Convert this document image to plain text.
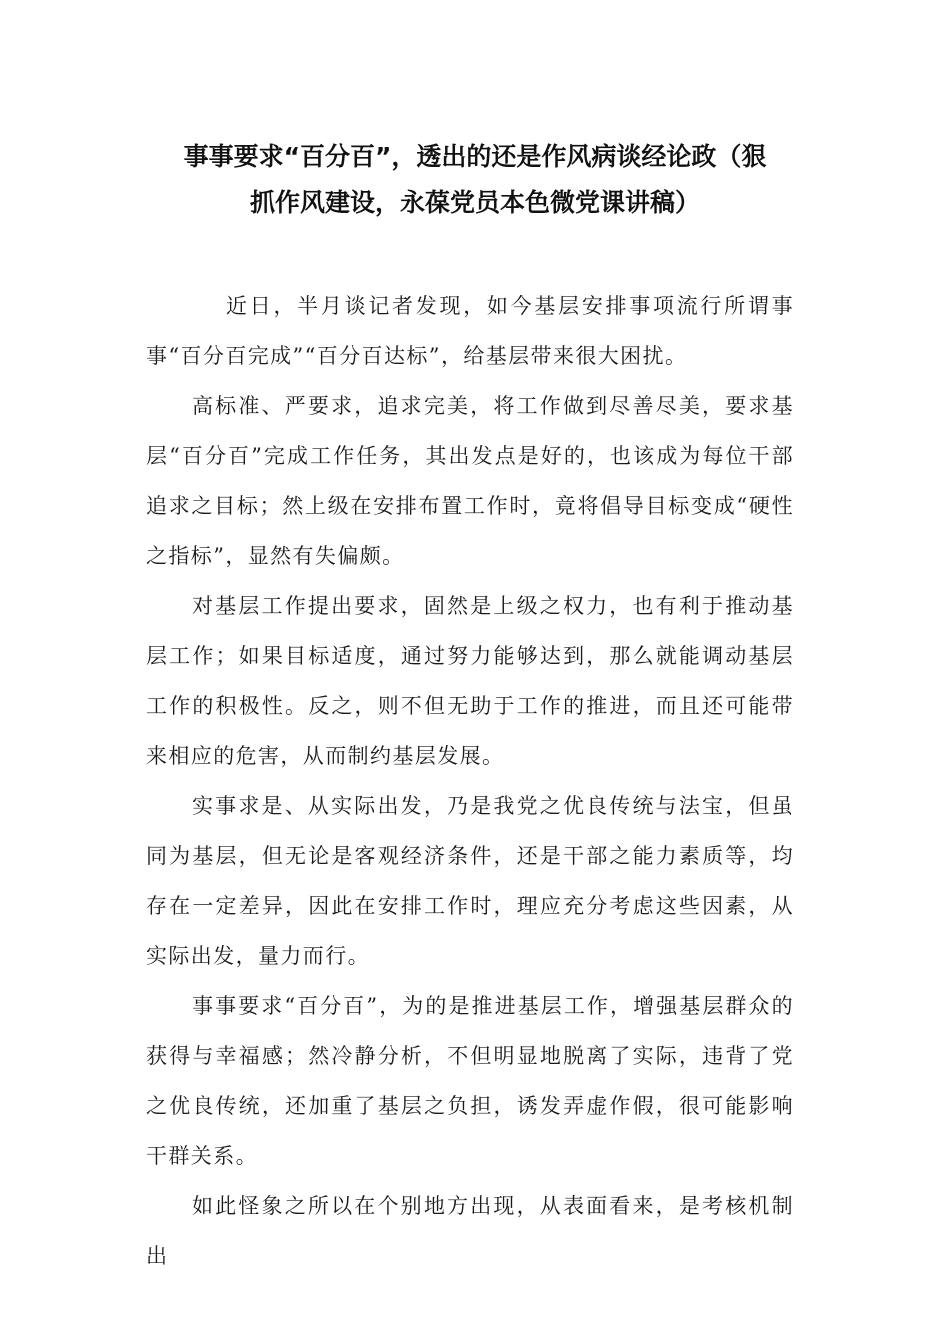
事事要求“百分百”，透出的还是作风病谈经论政（狠
抓作风建设，永葆党员本色微党课讲稿）

近日，半月谈记者发现，如今基层安排事项流行所谓事事“百分百完成”“百分百达标”，给基层带来很大困扰。

高标准、严要求，追求完美，将工作做到尽善尽美，要求基层“百分百”完成工作任务，其出发点是好的，也该成为每位干部追求之目标；然上级在安排布置工作时，竟将倡导目标变成“硬性之指标”，显然有失偏颇。

对基层工作提出要求，固然是上级之权力，也有利于推动基层工作；如果目标适度，通过努力能够达到，那么就能调动基层工作的积极性。反之，则不但无助于工作的推进，而且还可能带来相应的危害，从而制约基层发展。

实事求是、从实际出发，乃是我党之优良传统与法宝，但虽同为基层，但无论是客观经济条件，还是干部之能力素质等，均存在一定差异，因此在安排工作时，理应充分考虑这些因素，从实际出发，量力而行。

事事要求“百分百”，为的是推进基层工作，增强基层群众的获得与幸福感；然冷静分析，不但明显地脱离了实际，违背了党之优良传统，还加重了基层之负担，诱发弄虚作假，很可能影响干群关系。

如此怪象之所以在个别地方出现，从表面看来，是考核机制出
